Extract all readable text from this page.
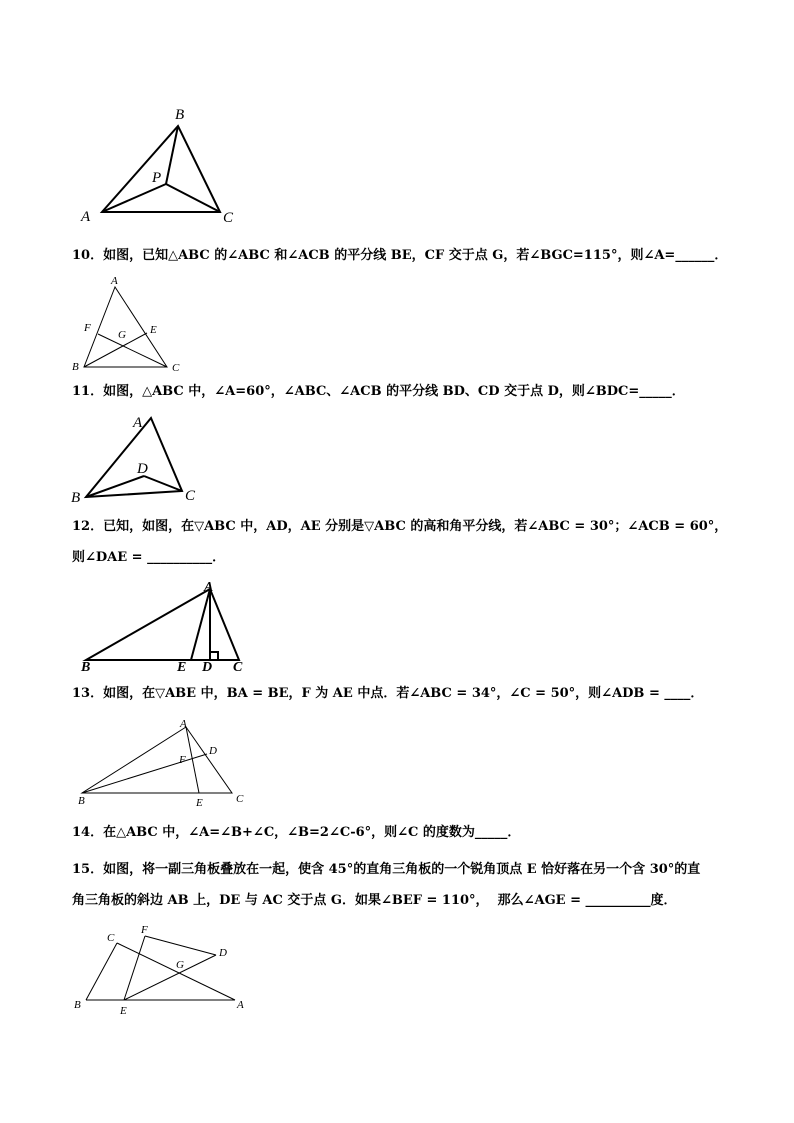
B
P
A	C
10．如图，已知△ABC 的∠ABC 和∠ACB 的平分线 BE，CF 交于点 G，若∠BGC=115°，则∠A=______．
A
F
G E
B	C
11．如图，△ABC 中，∠A=60°，∠ABC、∠ACB 的平分线 BD、CD 交于点 D，则∠BDC=_____．
A
D
B	C
12．已知，如图，在▽ABC 中，AD，AE 分别是▽ABC 的高和角平分线，若∠ABC = 30°；∠ACB = 60°，
则∠DAE = __________．
A
B	E D C
13．如图，在▽ABE 中，BA = BE，F 为 AE 中点．若∠ABC = 34°，∠C = 50°，则∠ADB = ____．
A
D
F
B	E	C
14．在△ABC 中，∠A=∠B+∠C，∠B=2∠C-6°，则∠C 的度数为_____．
15．如图，将一副三角板叠放在一起，使含 45°的直角三角板的一个锐角顶点 E 恰好落在另一个含 30°的直
角三角板的斜边 AB 上，DE 与 AC 交于点 G．如果∠BEF = 110°，  那么∠AGE = __________度．
C
F
D
G
B	E	A
